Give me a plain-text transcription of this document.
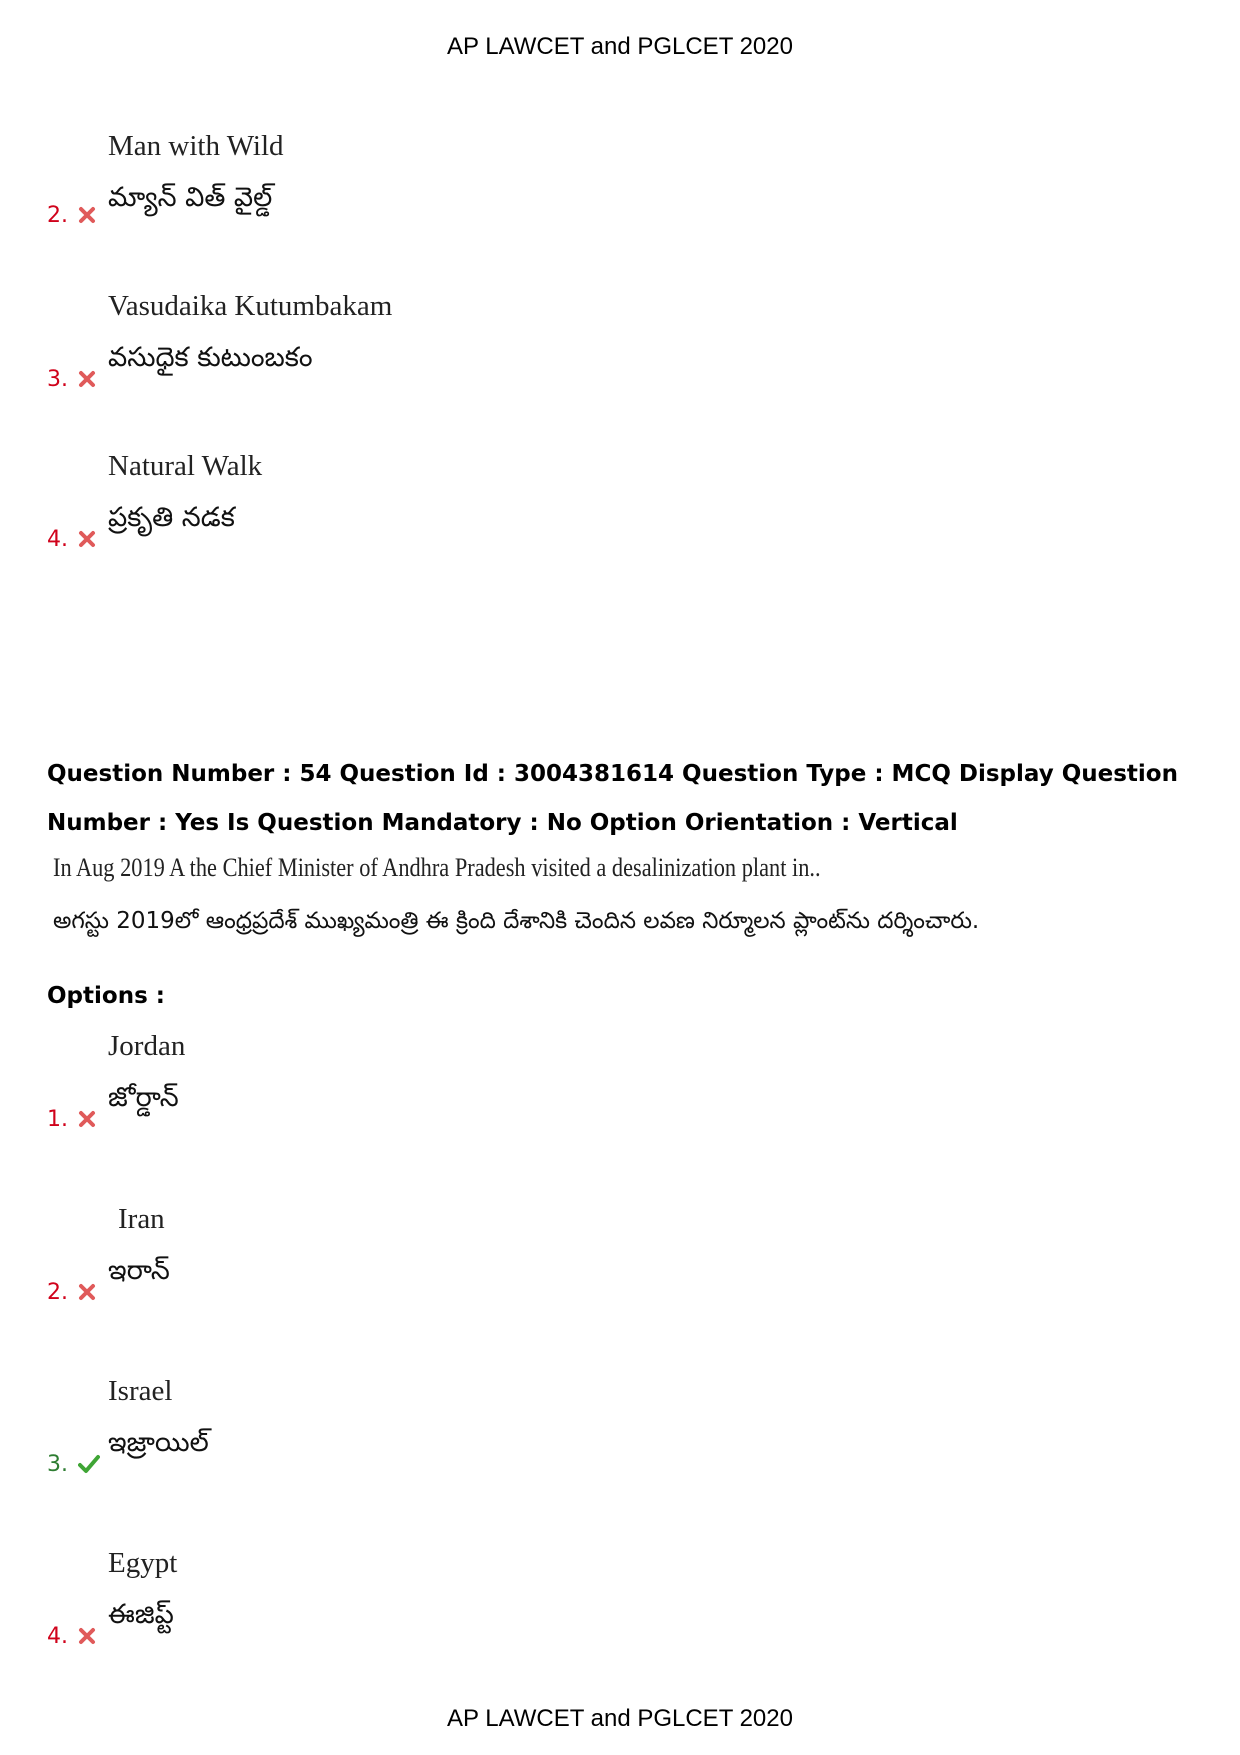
AP LAWCET and PGLCET 2020
Man with Wild
మ్యాన్ విత్ వైల్డ్
2.
Vasudaika Kutumbakam
వసుధైక కుటుంబకం
3.
Natural Walk
ప్రకృతి నడక
4.
Question Number : 54 Question Id : 3004381614 Question Type : MCQ Display Question
Number : Yes Is Question Mandatory : No Option Orientation : Vertical
In Aug 2019 A the Chief Minister of Andhra Pradesh visited a desalinization plant in..
అగస్టు 2019లో ఆంధ్రప్రదేశ్ ముఖ్యమంత్రి ఈ క్రింది దేశానికి చెందిన లవణ నిర్మూలన ప్లాంట్‌ను దర్శించారు.
Options :
Jordan
జోర్డాన్
1.
Iran
ఇరాన్
2.
Israel
ఇజ్రాయిల్
3.
Egypt
ఈజిప్ట్
4.
AP LAWCET and PGLCET 2020
